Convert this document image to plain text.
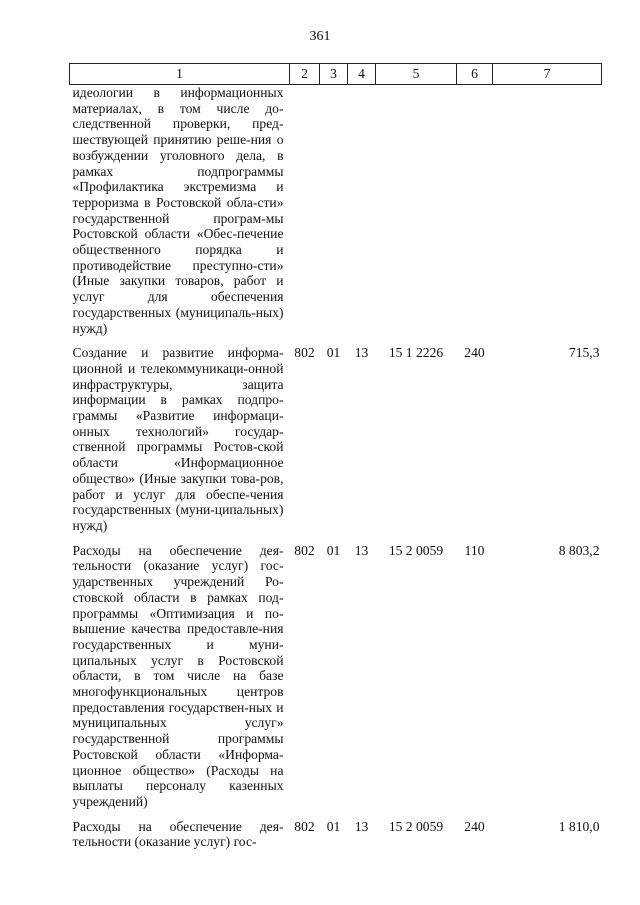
361
1	2	3	4	5	6	7
идеологии в информационных материалах, в том числе до-следственной проверки, пред-шествующей принятию реше-ния о возбуждении уголовного дела, в рамках подпрограммы «Профилактика экстремизма и терроризма в Ростовской обла-сти» государственной програм-мы Ростовской области «Обес-печение общественного порядка и противодействие преступно-сти» (Иные закупки товаров, работ и услуг для обеспечения государственных (муниципаль-ных) нужд)						
Создание и развитие информа-ционной и телекоммуникаци-онной инфраструктуры, защита информации в рамках подпро-граммы «Развитие информаци-онных технологий» государ-ственной программы Ростов-ской области «Информационное общество» (Иные закупки това-ров, работ и услуг для обеспе-чения государственных (муни-ципальных) нужд)	802	01	13	15 1 2226	240	715,3
Расходы на обеспечение дея-тельности (оказание услуг) гос-ударственных учреждений Ро-стовской области в рамках под-программы «Оптимизация и по-вышение качества предоставле-ния государственных и муни-ципальных услуг в Ростовской области, в том числе на базе многофункциональных центров предоставления государствен-ных и муниципальных услуг» государственной программы Ростовской области «Информа-ционное общество» (Расходы на выплаты персоналу казенных учреждений)	802	01	13	15 2 0059	110	8 803,2
Расходы на обеспечение дея-тельности (оказание услуг) гос-	802	01	13	15 2 0059	240	1 810,0
